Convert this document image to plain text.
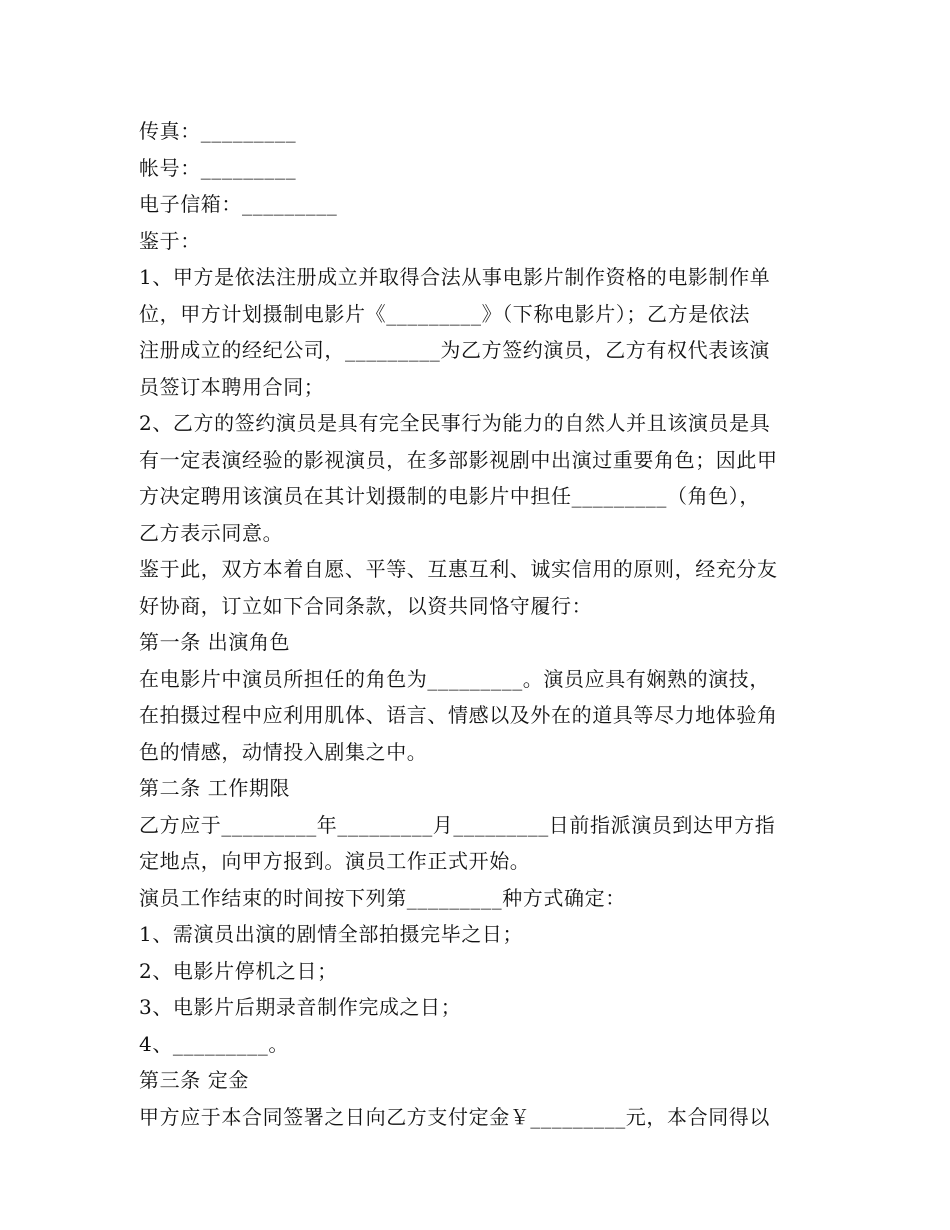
传真：_________
帐号：_________
电子信箱：_________
鉴于：
1、甲方是依法注册成立并取得合法从事电影片制作资格的电影制作单
位，甲方计划摄制电影片《_________》（下称电影片）；乙方是依法
注册成立的经纪公司，_________为乙方签约演员，乙方有权代表该演
员签订本聘用合同；
2、乙方的签约演员是具有完全民事行为能力的自然人并且该演员是具
有一定表演经验的影视演员，在多部影视剧中出演过重要角色；因此甲
方决定聘用该演员在其计划摄制的电影片中担任_________（角色），
乙方表示同意。
鉴于此，双方本着自愿、平等、互惠互利、诚实信用的原则，经充分友
好协商，订立如下合同条款，以资共同恪守履行：
第一条 出演角色
在电影片中演员所担任的角色为_________。演员应具有娴熟的演技，
在拍摄过程中应利用肌体、语言、情感以及外在的道具等尽力地体验角
色的情感，动情投入剧集之中。
第二条 工作期限
乙方应于_________年_________月_________日前指派演员到达甲方指
定地点，向甲方报到。演员工作正式开始。
演员工作结束的时间按下列第_________种方式确定：
1、需演员出演的剧情全部拍摄完毕之日；
2、电影片停机之日；
3、电影片后期录音制作完成之日；
4、_________。
第三条 定金
甲方应于本合同签署之日向乙方支付定金￥_________元，本合同得以
